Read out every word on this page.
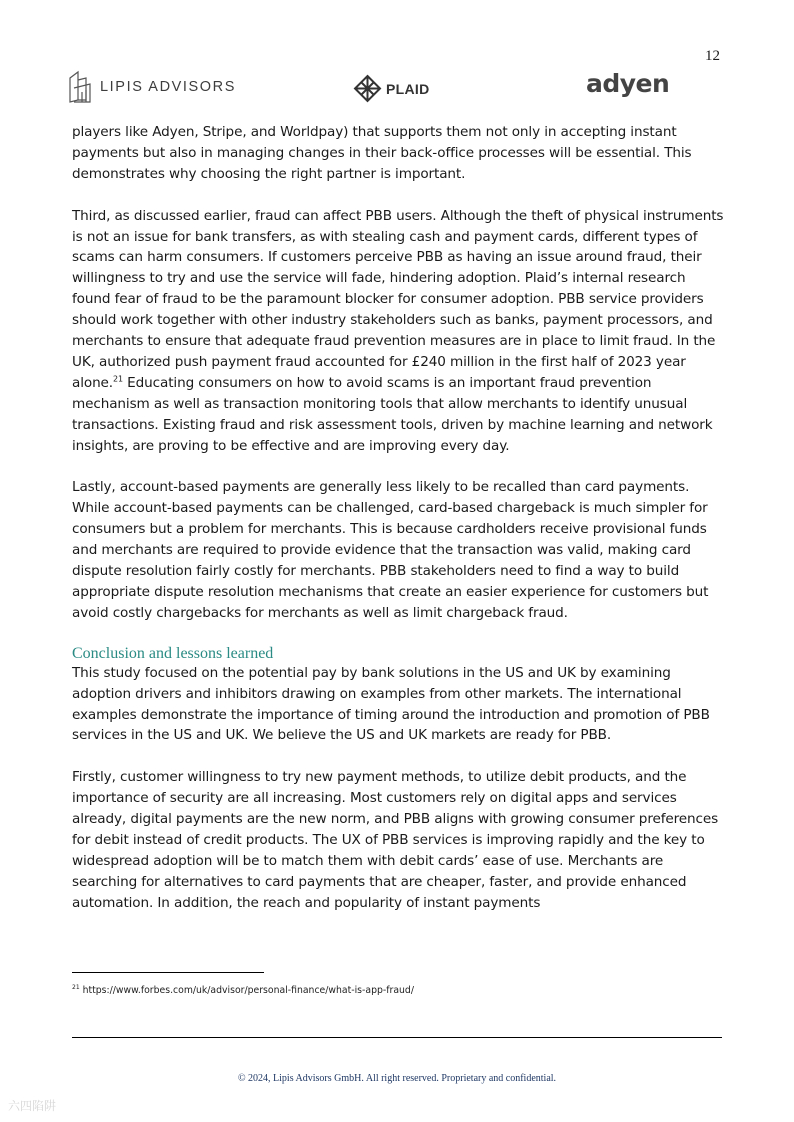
12
LIPIS ADVISORS	PLAID	adyen

players like Adyen, Stripe, and Worldpay) that supports them not only in accepting instant payments but also in managing changes in their back-office processes will be essential. This demonstrates why choosing the right partner is important.

Third, as discussed earlier, fraud can affect PBB users. Although the theft of physical instruments is not an issue for bank transfers, as with stealing cash and payment cards, different types of scams can harm consumers. If customers perceive PBB as having an issue around fraud, their willingness to try and use the service will fade, hindering adoption. Plaid’s internal research found fear of fraud to be the paramount blocker for consumer adoption. PBB service providers should work together with other industry stakeholders such as banks, payment processors, and merchants to ensure that adequate fraud prevention measures are in place to limit fraud. In the UK, authorized push payment fraud accounted for £240 million in the first half of 2023 year alone.$^{21}$ Educating consumers on how to avoid scams is an important fraud prevention mechanism as well as transaction monitoring tools that allow merchants to identify unusual transactions. Existing fraud and risk assessment tools, driven by machine learning and network insights, are proving to be effective and are improving every day.

Lastly, account-based payments are generally less likely to be recalled than card payments. While account-based payments can be challenged, card-based chargeback is much simpler for consumers but a problem for merchants. This is because cardholders receive provisional funds and merchants are required to provide evidence that the transaction was valid, making card dispute resolution fairly costly for merchants. PBB stakeholders need to find a way to build appropriate dispute resolution mechanisms that create an easier experience for customers but avoid costly chargebacks for merchants as well as limit chargeback fraud.

Conclusion and lessons learned

This study focused on the potential pay by bank solutions in the US and UK by examining adoption drivers and inhibitors drawing on examples from other markets. The international examples demonstrate the importance of timing around the introduction and promotion of PBB services in the US and UK. We believe the US and UK markets are ready for PBB.

Firstly, customer willingness to try new payment methods, to utilize debit products, and the importance of security are all increasing. Most customers rely on digital apps and services already, digital payments are the new norm, and PBB aligns with growing consumer preferences for debit instead of credit products. The UX of PBB services is improving rapidly and the key to widespread adoption will be to match them with debit cards’ ease of use. Merchants are searching for alternatives to card payments that are cheaper, faster, and provide enhanced automation. In addition, the reach and popularity of instant payments

$^{21}$ https://www.forbes.com/uk/advisor/personal-finance/what-is-app-fraud/
© 2024, Lipis Advisors GmbH. All right reserved. Proprietary and confidential.
六四陷阱
